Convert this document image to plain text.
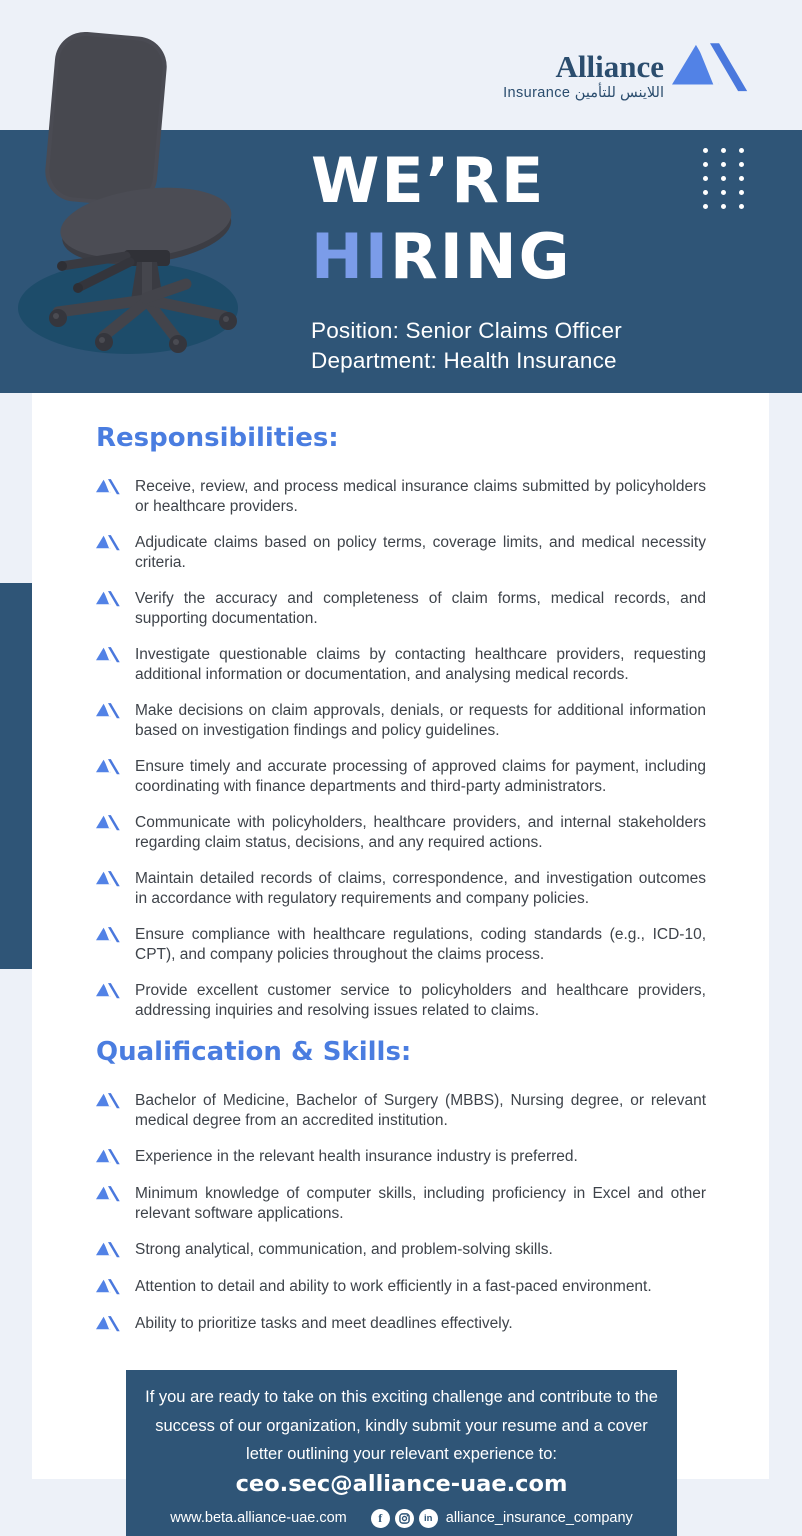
Alliance
Insurance اللاينس للتأمين
WE’RE
HIRING
Position: Senior Claims Officer
Department: Health Insurance
Responsibilities:
Receive, review, and process medical insurance claims submitted by policyholders or healthcare providers.
Adjudicate claims based on policy terms, coverage limits, and medical necessity criteria.
Verify the accuracy and completeness of claim forms, medical records, and supporting documentation.
Investigate questionable claims by contacting healthcare providers, requesting additional information or documentation, and analysing medical records.
Make decisions on claim approvals, denials, or requests for additional information based on investigation findings and policy guidelines.
Ensure timely and accurate processing of approved claims for payment, including coordinating with finance departments and third-party administrators.
Communicate with policyholders, healthcare providers, and internal stakeholders regarding claim status, decisions, and any required actions.
Maintain detailed records of claims, correspondence, and investigation outcomes in accordance with regulatory requirements and company policies.
Ensure compliance with healthcare regulations, coding standards (e.g., ICD-10, CPT), and company policies throughout the claims process.
Provide excellent customer service to policyholders and healthcare providers, addressing inquiries and resolving issues related to claims.
Qualification & Skills:
Bachelor of Medicine, Bachelor of Surgery (MBBS), Nursing degree, or relevant medical degree from an accredited institution.
Experience in the relevant health insurance industry is preferred.
Minimum knowledge of computer skills, including proficiency in Excel and other relevant software applications.
Strong analytical, communication, and problem-solving skills.
Attention to detail and ability to work efficiently in a fast-paced environment.
Ability to prioritize tasks and meet deadlines effectively.
If you are ready to take on this exciting challenge and contribute to the
success of our organization, kindly submit your resume and a cover
letter outlining your relevant experience to:
ceo.sec@alliance-uae.com
www.beta.alliance-uae.com	f	in alliance_insurance_company
